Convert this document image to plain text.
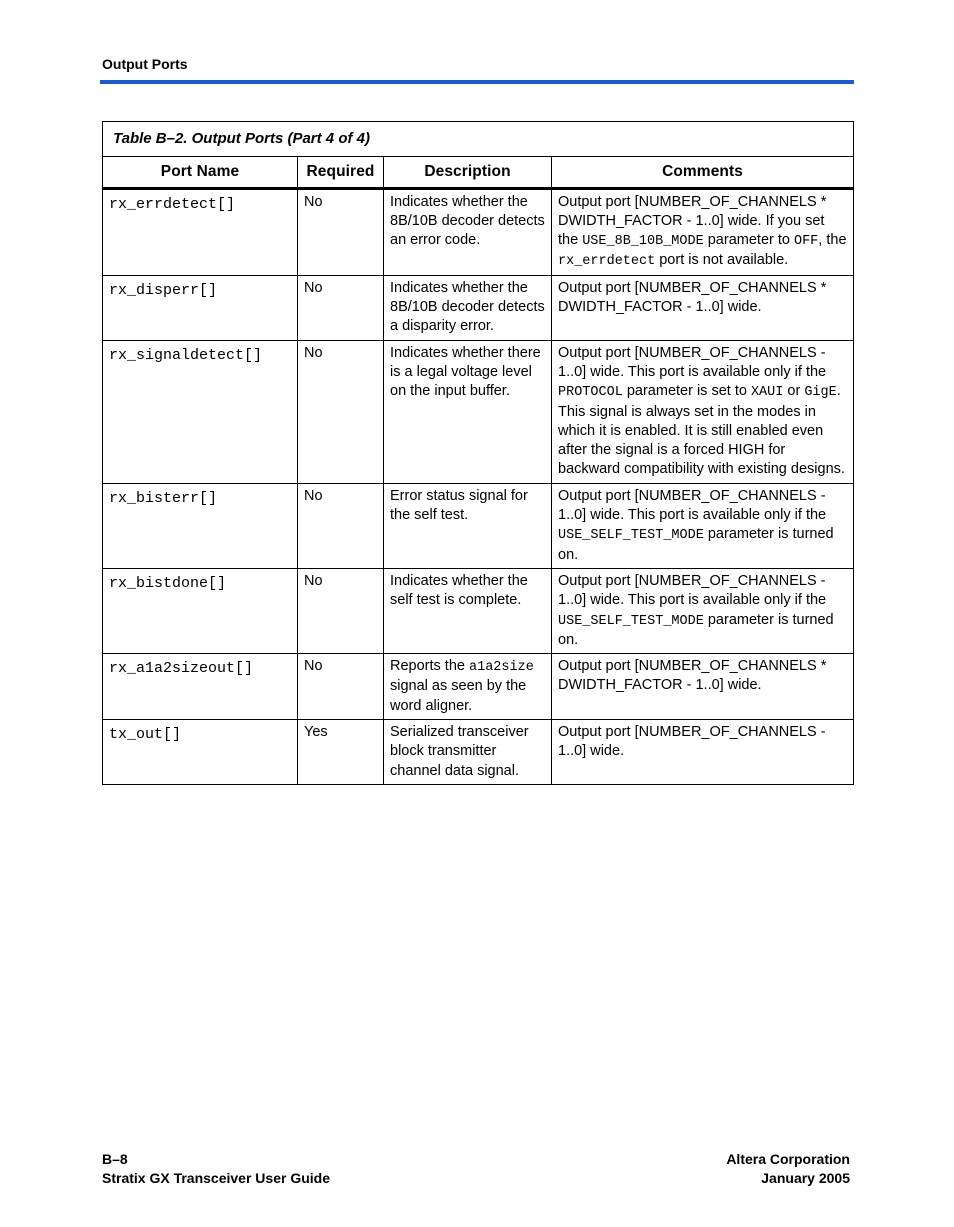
Output Ports
Table B–2. Output Ports (Part 4 of 4)			
Port Name	Required	Description	Comments
rx_errdetect[]	No	Indicates whether the 8B/10B decoder detects an error code.	Output port [NUMBER_OF_CHANNELS * DWIDTH_FACTOR - 1..0] wide. If you set the USE_8B_10B_MODE parameter to OFF, the rx_errdetect port is not available.
rx_disperr[]	No	Indicates whether the 8B/10B decoder detects a disparity error.	Output port [NUMBER_OF_CHANNELS * DWIDTH_FACTOR - 1..0] wide.
rx_signaldetect[]	No	Indicates whether there is a legal voltage level on the input buffer.	Output port [NUMBER_OF_CHANNELS - 1..0] wide. This port is available only if the PROTOCOL parameter is set to XAUI or GigE. This signal is always set in the modes in which it is enabled. It is still enabled even after the signal is a forced HIGH for backward compatibility with existing designs.
rx_bisterr[]	No	Error status signal for the self test.	Output port [NUMBER_OF_CHANNELS - 1..0] wide. This port is available only if the USE_SELF_TEST_MODE parameter is turned on.
rx_bistdone[]	No	Indicates whether the self test is complete.	Output port [NUMBER_OF_CHANNELS - 1..0] wide. This port is available only if the USE_SELF_TEST_MODE parameter is turned on.
rx_a1a2sizeout[]	No	Reports the a1a2size signal as seen by the word aligner.	Output port [NUMBER_OF_CHANNELS * DWIDTH_FACTOR - 1..0] wide.
tx_out[]	Yes	Serialized transceiver block transmitter channel data signal.	Output port [NUMBER_OF_CHANNELS - 1..0] wide.
B–8
Stratix GX Transceiver User Guide
Altera Corporation
January 2005
